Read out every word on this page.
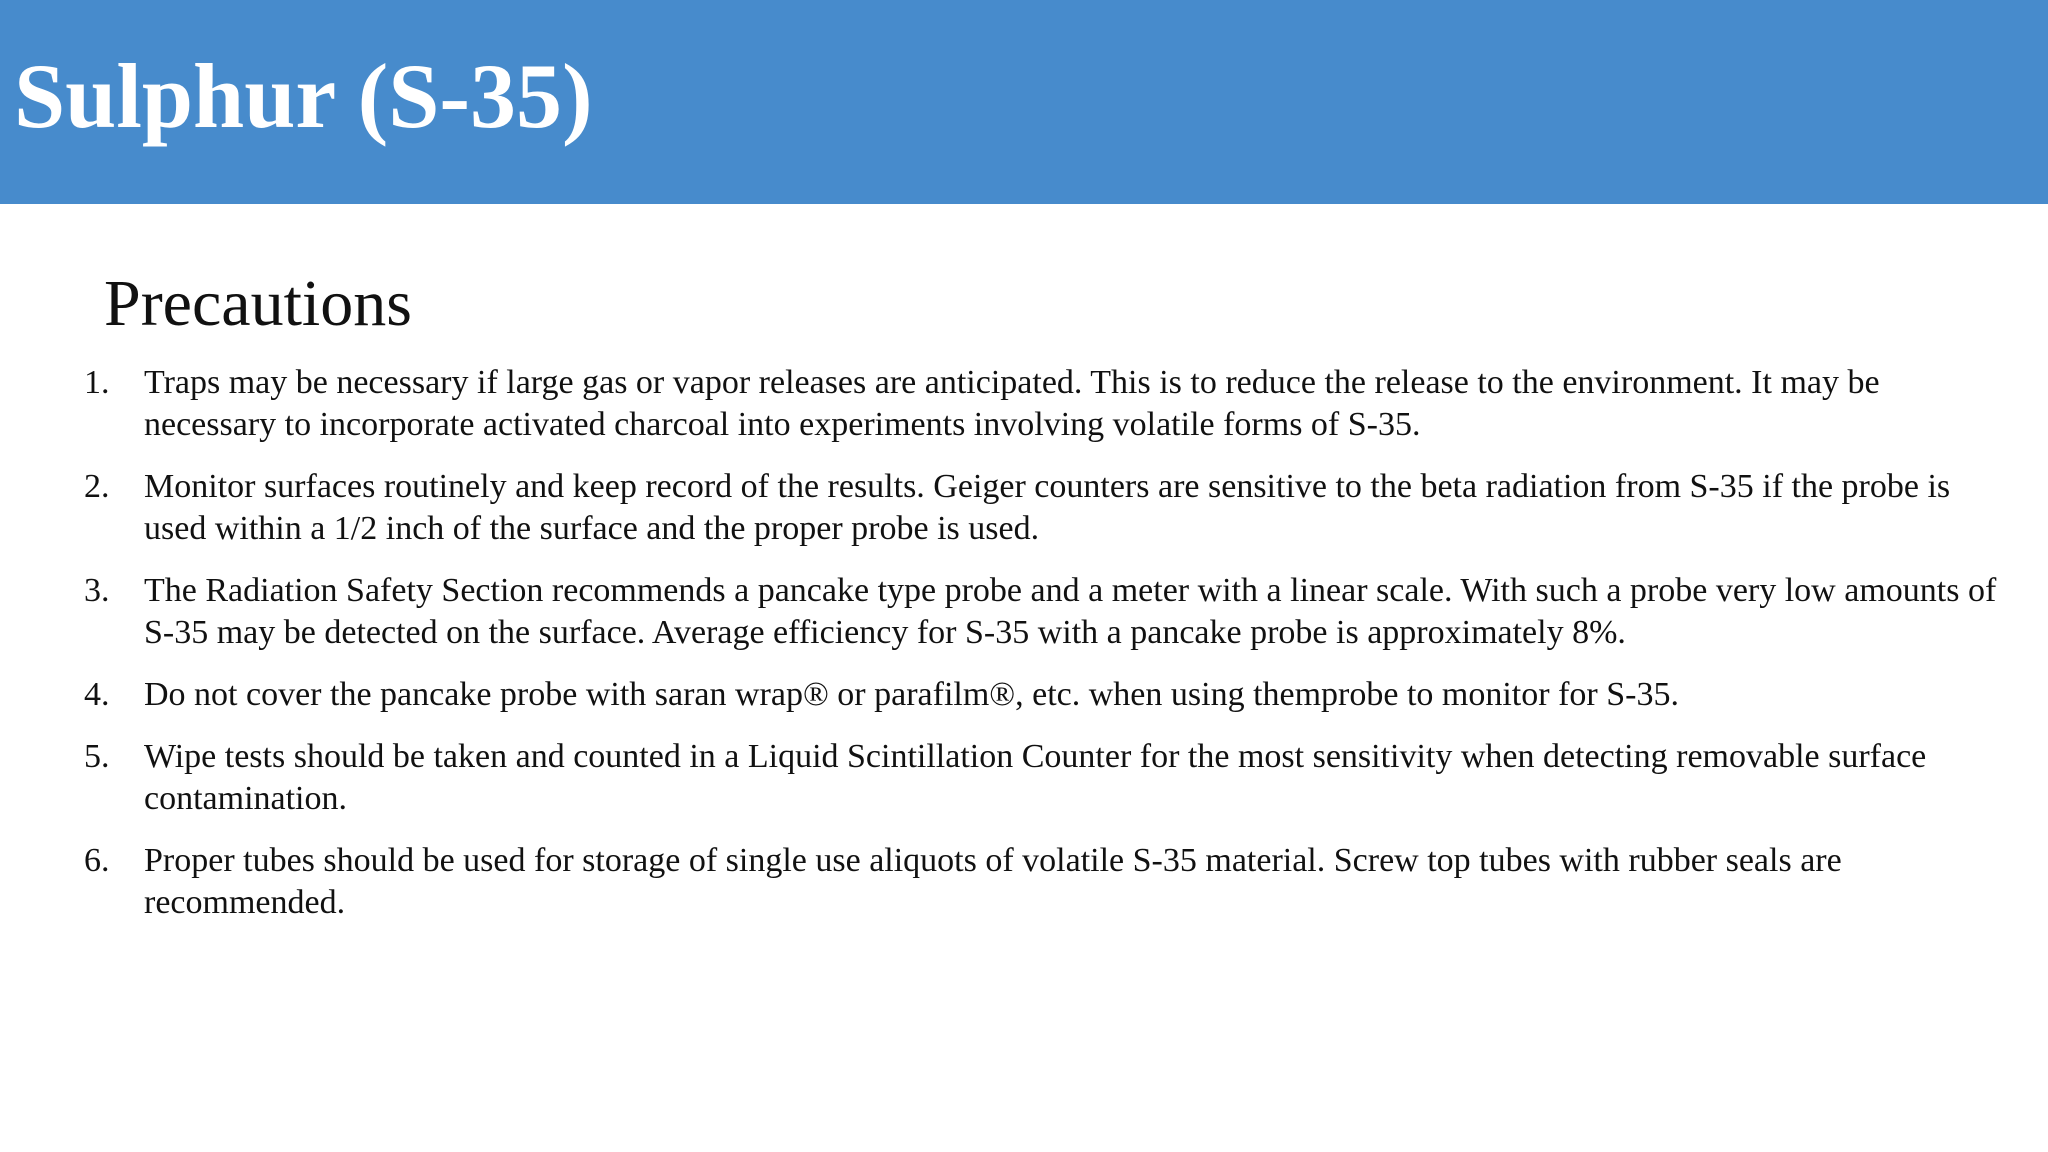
Sulphur (S-35)
Precautions
1.	Traps may be necessary if large gas or vapor releases are anticipated. This is to reduce the release to the environment. It may be necessary to incorporate activated charcoal into experiments involving volatile forms of S-35.
2.	Monitor surfaces routinely and keep record of the results. Geiger counters are sensitive to the beta radiation from S-35 if the probe is used within a 1/2 inch of the surface and the proper probe is used.
3.	The Radiation Safety Section recommends a pancake type probe and a meter with a linear scale. With such a probe very low amounts of S-35 may be detected on the surface. Average efficiency for S-35 with a pancake probe is approximately 8%.
4.	Do not cover the pancake probe with saran wrap® or parafilm®, etc. when using themprobe to monitor for S-35.
5.	Wipe tests should be taken and counted in a Liquid Scintillation Counter for the most sensitivity when detecting removable surface contamination.
6.	Proper tubes should be used for storage of single use aliquots of volatile S-35 material. Screw top tubes with rubber seals are recommended.
